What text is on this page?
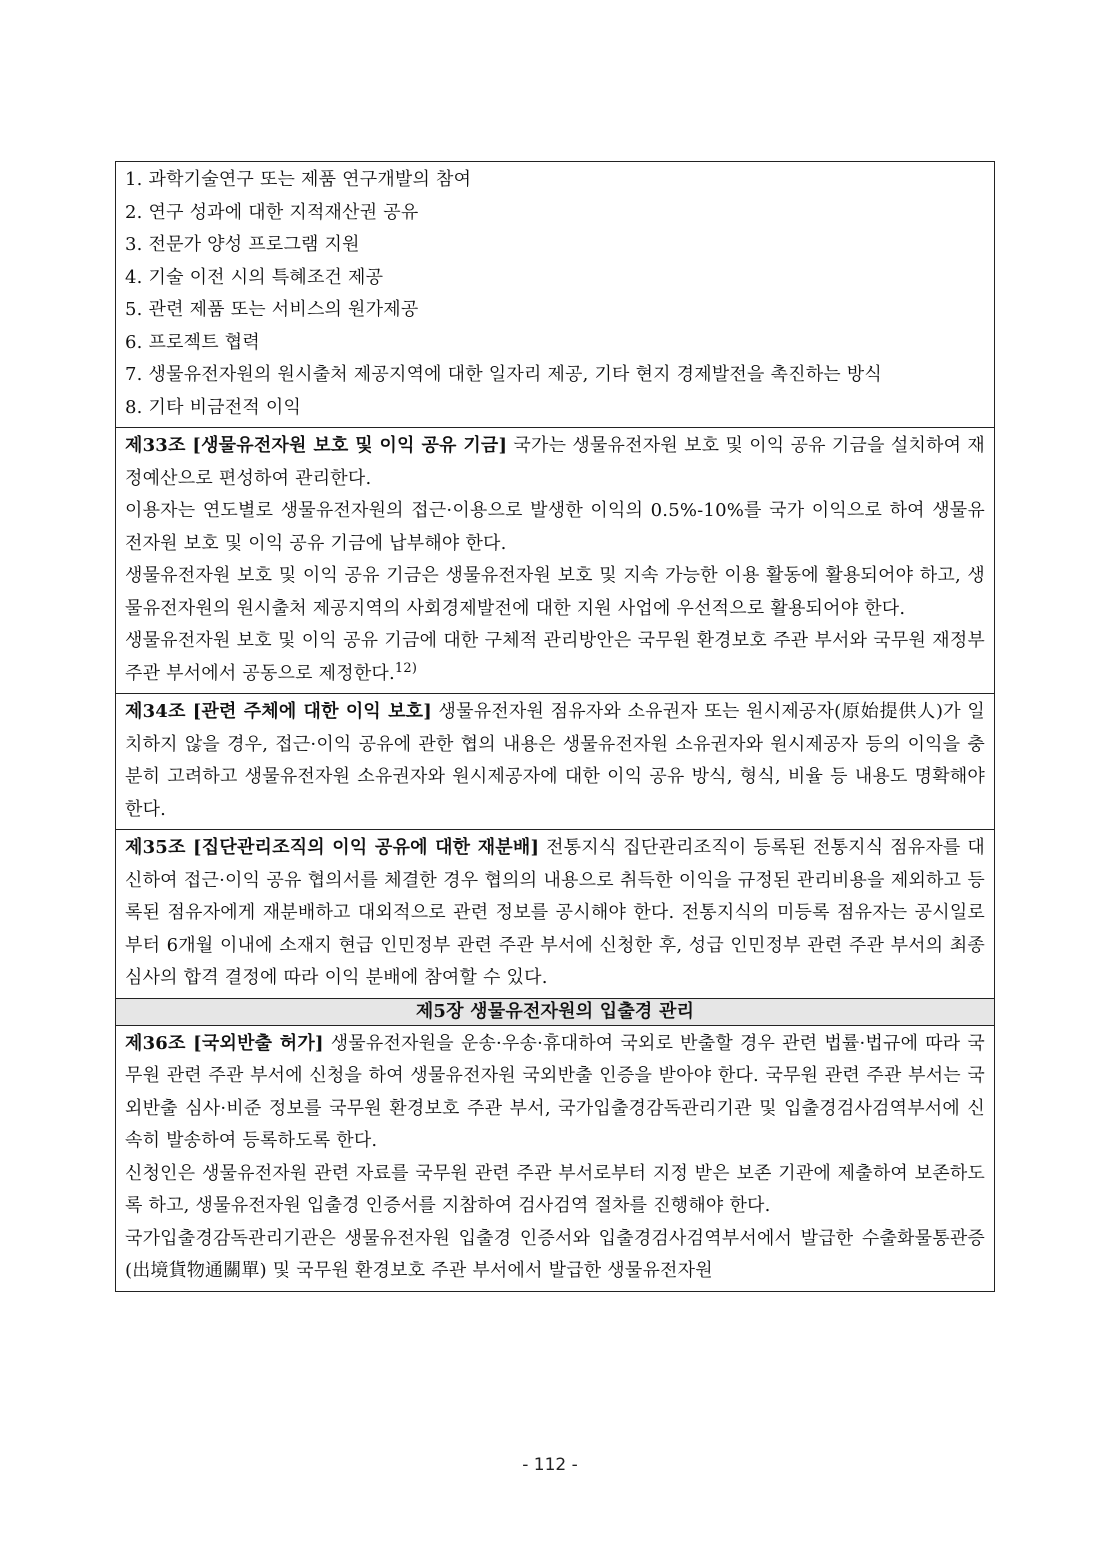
1. 과학기술연구 또는 제품 연구개발의 참여
2. 연구 성과에 대한 지적재산권 공유
3. 전문가 양성 프로그램 지원
4. 기술 이전 시의 특혜조건 제공
5. 관련 제품 또는 서비스의 원가제공
6. 프로젝트 협력
7. 생물유전자원의 원시출처 제공지역에 대한 일자리 제공, 기타 현지 경제발전을 촉진하는 방식
8. 기타 비금전적 이익

제33조 [생물유전자원 보호 및 이익 공유 기금] 국가는 생물유전자원 보호 및 이익 공유 기금을 설치하여 재정예산으로 편성하여 관리한다.

이용자는 연도별로 생물유전자원의 접근·이용으로 발생한 이익의 0.5%-10%를 국가 이익으로 하여 생물유전자원 보호 및 이익 공유 기금에 납부해야 한다.

생물유전자원 보호 및 이익 공유 기금은 생물유전자원 보호 및 지속 가능한 이용 활동에 활용되어야 하고, 생물유전자원의 원시출처 제공지역의 사회경제발전에 대한 지원 사업에 우선적으로 활용되어야 한다.

생물유전자원 보호 및 이익 공유 기금에 대한 구체적 관리방안은 국무원 환경보호 주관 부서와 국무원 재정부 주관 부서에서 공동으로 제정한다.$^{12)}$

제34조 [관련 주체에 대한 이익 보호] 생물유전자원 점유자와 소유권자 또는 원시제공자(原始提供人)가 일치하지 않을 경우, 접근·이익 공유에 관한 협의 내용은 생물유전자원 소유권자와 원시제공자 등의 이익을 충분히 고려하고 생물유전자원 소유권자와 원시제공자에 대한 이익 공유 방식, 형식, 비율 등 내용도 명확해야 한다.

제35조 [집단관리조직의 이익 공유에 대한 재분배] 전통지식 집단관리조직이 등록된 전통지식 점유자를 대신하여 접근·이익 공유 협의서를 체결한 경우 협의의 내용으로 취득한 이익을 규정된 관리비용을 제외하고 등록된 점유자에게 재분배하고 대외적으로 관련 정보를 공시해야 한다. 전통지식의 미등록 점유자는 공시일로부터 6개월 이내에 소재지 현급 인민정부 관련 주관 부서에 신청한 후, 성급 인민정부 관련 주관 부서의 최종 심사의 합격 결정에 따라 이익 분배에 참여할 수 있다.

제5장 생물유전자원의 입출경 관리

제36조 [국외반출 허가] 생물유전자원을 운송·우송·휴대하여 국외로 반출할 경우 관련 법률·법규에 따라 국무원 관련 주관 부서에 신청을 하여 생물유전자원 국외반출 인증을 받아야 한다. 국무원 관련 주관 부서는 국외반출 심사·비준 정보를 국무원 환경보호 주관 부서, 국가입출경감독관리기관 및 입출경검사검역부서에 신속히 발송하여 등록하도록 한다.

신청인은 생물유전자원 관련 자료를 국무원 관련 주관 부서로부터 지정 받은 보존 기관에 제출하여 보존하도록 하고, 생물유전자원 입출경 인증서를 지참하여 검사검역 절차를 진행해야 한다.

국가입출경감독관리기관은 생물유전자원 입출경 인증서와 입출경검사검역부서에서 발급한 수출화물통관증(出境貨物通關單) 및 국무원 환경보호 주관 부서에서 발급한 생물유전자원

- 112 -
